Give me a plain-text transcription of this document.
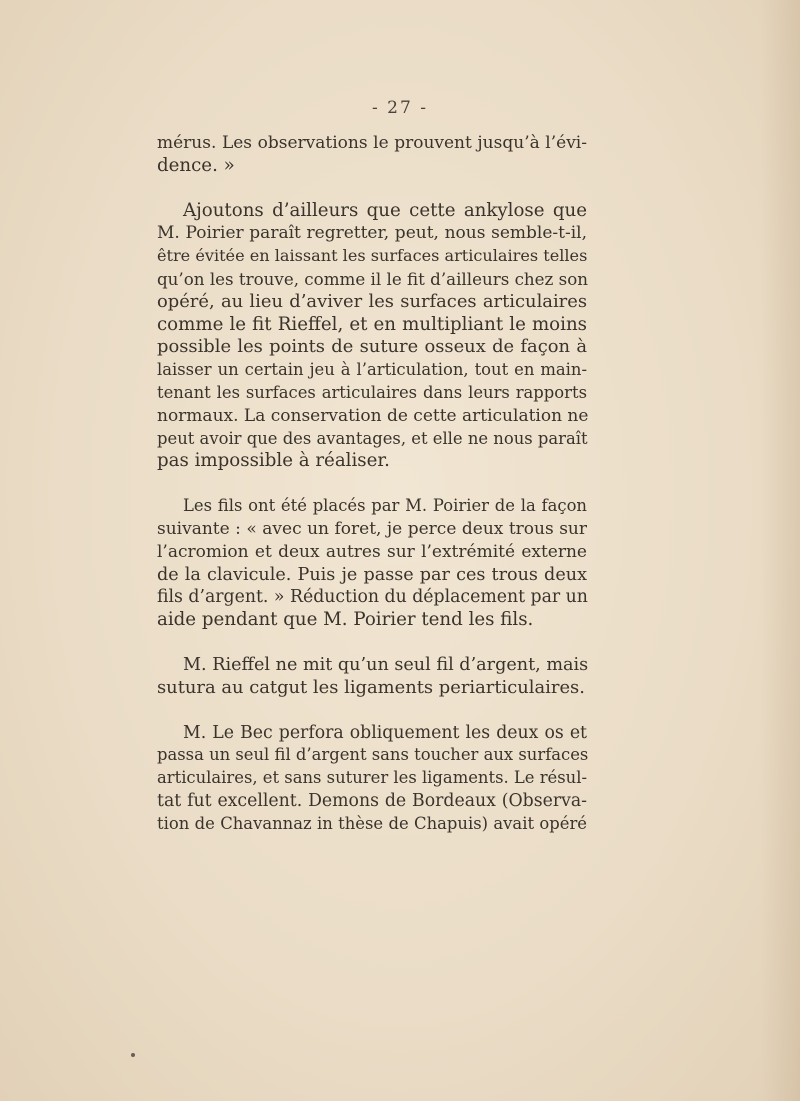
- 27 -

mérus. Les observations le prouvent jusqu’à l’évi-
dence. »

Ajoutons d’ailleurs que cette ankylose que
M. Poirier paraît regretter, peut, nous semble-t-il,
être évitée en laissant les surfaces articulaires telles
qu’on les trouve, comme il le fit d’ailleurs chez son
opéré, au lieu d’aviver les surfaces articulaires
comme le fit Rieffel, et en multipliant le moins
possible les points de suture osseux de façon à
laisser un certain jeu à l’articulation, tout en main-
tenant les surfaces articulaires dans leurs rapports
normaux. La conservation de cette articulation ne
peut avoir que des avantages, et elle ne nous paraît
pas impossible à réaliser.

Les fils ont été placés par M. Poirier de la façon
suivante : « avec un foret, je perce deux trous sur
l’acromion et deux autres sur l’extrémité externe
de la clavicule. Puis je passe par ces trous deux
fils d’argent. » Réduction du déplacement par un
aide pendant que M. Poirier tend les fils.

M. Rieffel ne mit qu’un seul fil d’argent, mais
sutura au catgut les ligaments periarticulaires.

M. Le Bec perfora obliquement les deux os et
passa un seul fil d’argent sans toucher aux surfaces
articulaires, et sans suturer les ligaments. Le résul-
tat fut excellent. Demons de Bordeaux (Observa-
tion de Chavannaz in thèse de Chapuis) avait opéré
